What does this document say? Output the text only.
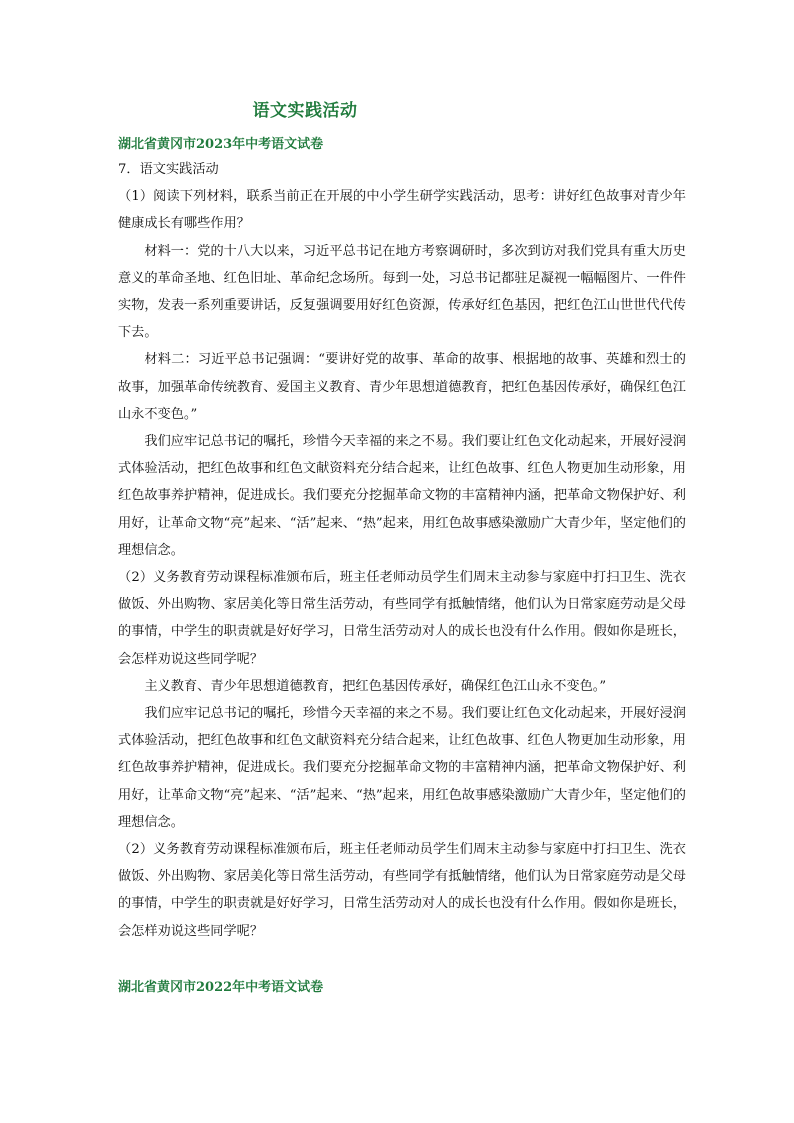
语文实践活动
湖北省黄冈市2023年中考语文试卷

7．语文实践活动

（1）阅读下列材料，联系当前正在开展的中小学生研学实践活动，思考：讲好红色故事对青少年健康成长有哪些作用？

材料一：党的十八大以来，习近平总书记在地方考察调研时，多次到访对我们党具有重大历史意义的革命圣地、红色旧址、革命纪念场所。每到一处，习总书记都驻足凝视一幅幅图片、一件件实物，发表一系列重要讲话，反复强调要用好红色资源，传承好红色基因，把红色江山世世代代传下去。

材料二：习近平总书记强调：“要讲好党的故事、革命的故事、根据地的故事、英雄和烈士的故事，加强革命传统教育、爱国主义教育、青少年思想道德教育，把红色基因传承好，确保红色江山永不变色。”

我们应牢记总书记的嘱托，珍惜今天幸福的来之不易。我们要让红色文化动起来，开展好浸润式体验活动，把红色故事和红色文献资料充分结合起来，让红色故事、红色人物更加生动形象，用红色故事养护精神，促进成长。我们要充分挖掘革命文物的丰富精神内涵，把革命文物保护好、利用好，让革命文物“亮”起来、“活”起来、“热”起来，用红色故事感染激励广大青少年，坚定他们的理想信念。

（2）义务教育劳动课程标准颁布后，班主任老师动员学生们周末主动参与家庭中打扫卫生、洗衣做饭、外出购物、家居美化等日常生活劳动，有些同学有抵触情绪，他们认为日常家庭劳动是父母的事情，中学生的职责就是好好学习，日常生活劳动对人的成长也没有什么作用。假如你是班长，会怎样劝说这些同学呢？

主义教育、青少年思想道德教育，把红色基因传承好，确保红色江山永不变色。”

我们应牢记总书记的嘱托，珍惜今天幸福的来之不易。我们要让红色文化动起来，开展好浸润式体验活动，把红色故事和红色文献资料充分结合起来，让红色故事、红色人物更加生动形象，用红色故事养护精神，促进成长。我们要充分挖掘革命文物的丰富精神内涵，把革命文物保护好、利用好，让革命文物“亮”起来、“活”起来、“热”起来，用红色故事感染激励广大青少年，坚定他们的理想信念。

（2）义务教育劳动课程标准颁布后，班主任老师动员学生们周末主动参与家庭中打扫卫生、洗衣做饭、外出购物、家居美化等日常生活劳动，有些同学有抵触情绪，他们认为日常家庭劳动是父母的事情，中学生的职责就是好好学习，日常生活劳动对人的成长也没有什么作用。假如你是班长，会怎样劝说这些同学呢？

湖北省黄冈市2022年中考语文试卷
